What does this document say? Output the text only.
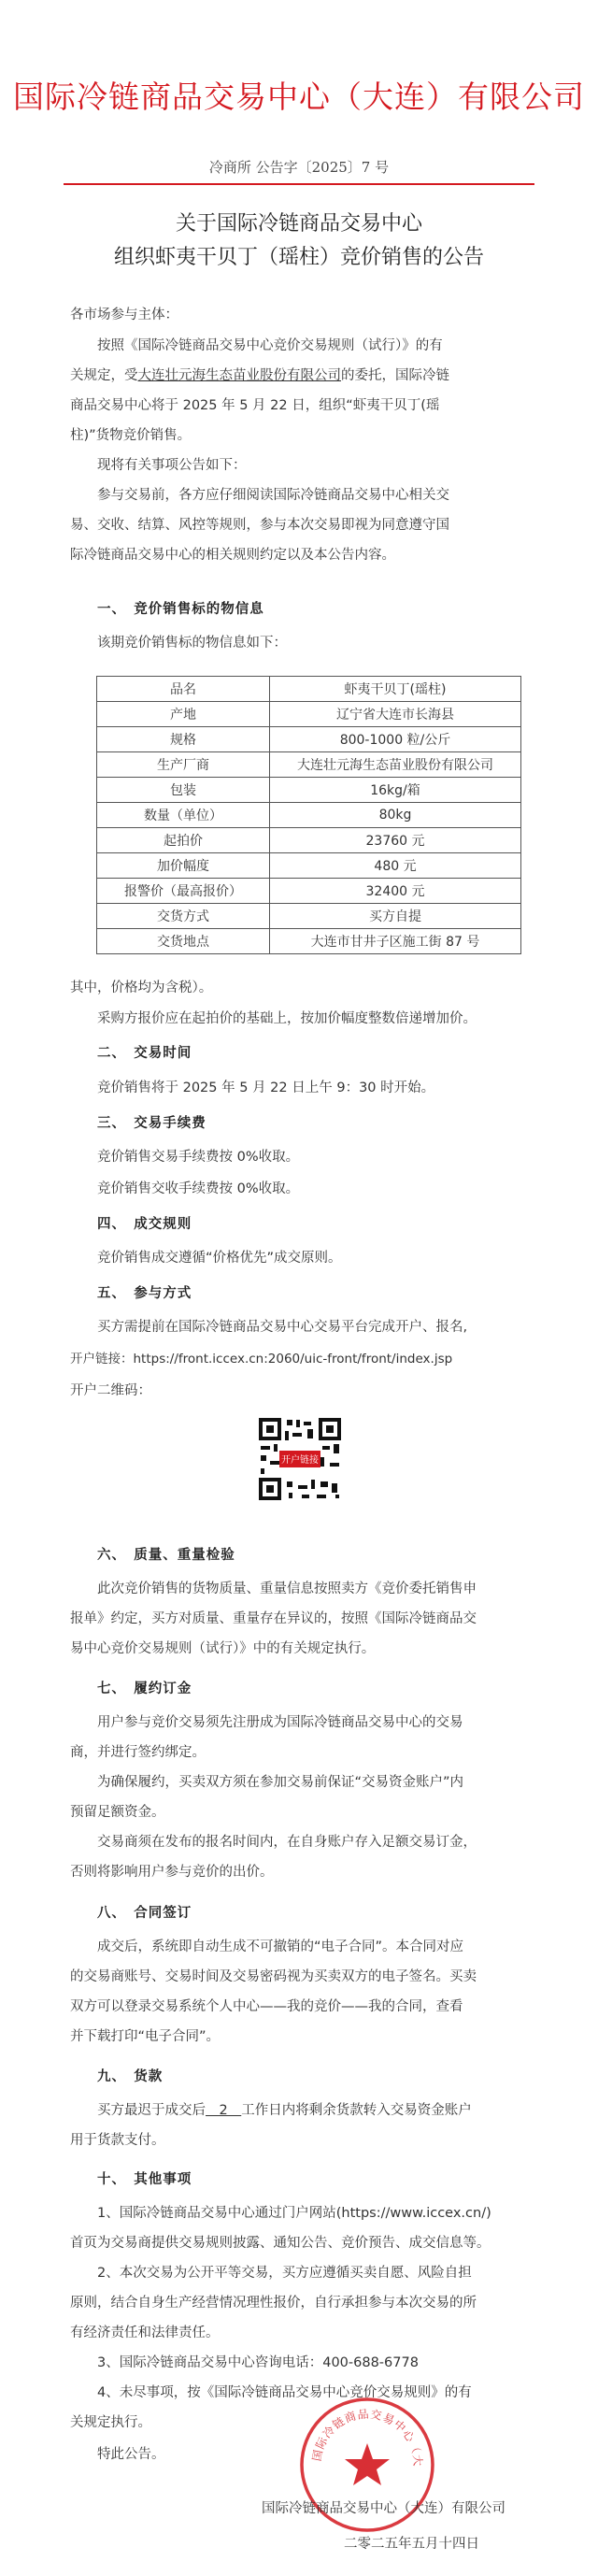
国际冷链商品交易中心（大连）有限公司
冷商所 公告字〔2025〕7 号
关于国际冷链商品交易中心
组织虾夷干贝丁（瑶柱）竞价销售的公告
各市场参与主体：
按照《国际冷链商品交易中心竞价交易规则（试行）》的有
关规定，受大连壮元海生态苗业股份有限公司的委托，国际冷链
商品交易中心将于 2025 年 5 月 22 日，组织“虾夷干贝丁(瑶
柱)”货物竞价销售。
现将有关事项公告如下：
参与交易前，各方应仔细阅读国际冷链商品交易中心相关交
易、交收、结算、风控等规则，参与本次交易即视为同意遵守国
际冷链商品交易中心的相关规则约定以及本公告内容。
一、　竞价销售标的物信息
该期竞价销售标的物信息如下：
品名	虾夷干贝丁(瑶柱)
产地	辽宁省大连市长海县
规格	800-1000 粒/公斤
生产厂商	大连壮元海生态苗业股份有限公司
包装	16kg/箱
数量（单位）	80kg
起拍价	23760 元
加价幅度	480 元
报警价（最高报价）	32400 元
交货方式	买方自提
交货地点	大连市甘井子区施工街 87 号
其中，价格均为含税）。
采购方报价应在起拍价的基础上，按加价幅度整数倍递增加价。
二、　交易时间
竞价销售将于 2025 年 5 月 22 日上午 9：30 时开始。
三、　交易手续费
竞价销售交易手续费按 0%收取。
竞价销售交收手续费按 0%收取。
四、　成交规则
竞价销售成交遵循“价格优先”成交原则。
五、　参与方式
买方需提前在国际冷链商品交易中心交易平台完成开户、报名,
开户链接：https://front.iccex.cn:2060/uic-front/front/index.jsp
开户二维码：
开户链接
六、　质量、重量检验
此次竞价销售的货物质量、重量信息按照卖方《竞价委托销售申
报单》约定，买方对质量、重量存在异议的，按照《国际冷链商品交
易中心竞价交易规则（试行）》中的有关规定执行。
七、　履约订金
用户参与竞价交易须先注册成为国际冷链商品交易中心的交易
商，并进行签约绑定。
为确保履约，买卖双方须在参加交易前保证“交易资金账户”内
预留足额资金。
交易商须在发布的报名时间内，在自身账户存入足额交易订金，
否则将影响用户参与竞价的出价。
八、　合同签订
成交后，系统即自动生成不可撤销的“电子合同”。本合同对应
的交易商账号、交易时间及交易密码视为买卖双方的电子签名。买卖
双方可以登录交易系统个人中心——我的竞价——我的合同，查看
并下载打印“电子合同”。
九、　货款
买方最迟于成交后　2　工作日内将剩余货款转入交易资金账户
用于货款支付。
十、　其他事项
1、国际冷链商品交易中心通过门户网站(https://www.iccex.cn/)
首页为交易商提供交易规则披露、通知公告、竞价预告、成交信息等。
2、本次交易为公开平等交易，买方应遵循买卖自愿、风险自担
原则，结合自身生产经营情况理性报价，自行承担参与本次交易的所
有经济责任和法律责任。
3、国际冷链商品交易中心咨询电话：400-688-6778
4、未尽事项，按《国际冷链商品交易中心竞价交易规则》的有
关规定执行。
特此公告。	国际冷链商品交易中心（大
国际冷链商品交易中心（大连）有限公司
二零二五年五月十四日
